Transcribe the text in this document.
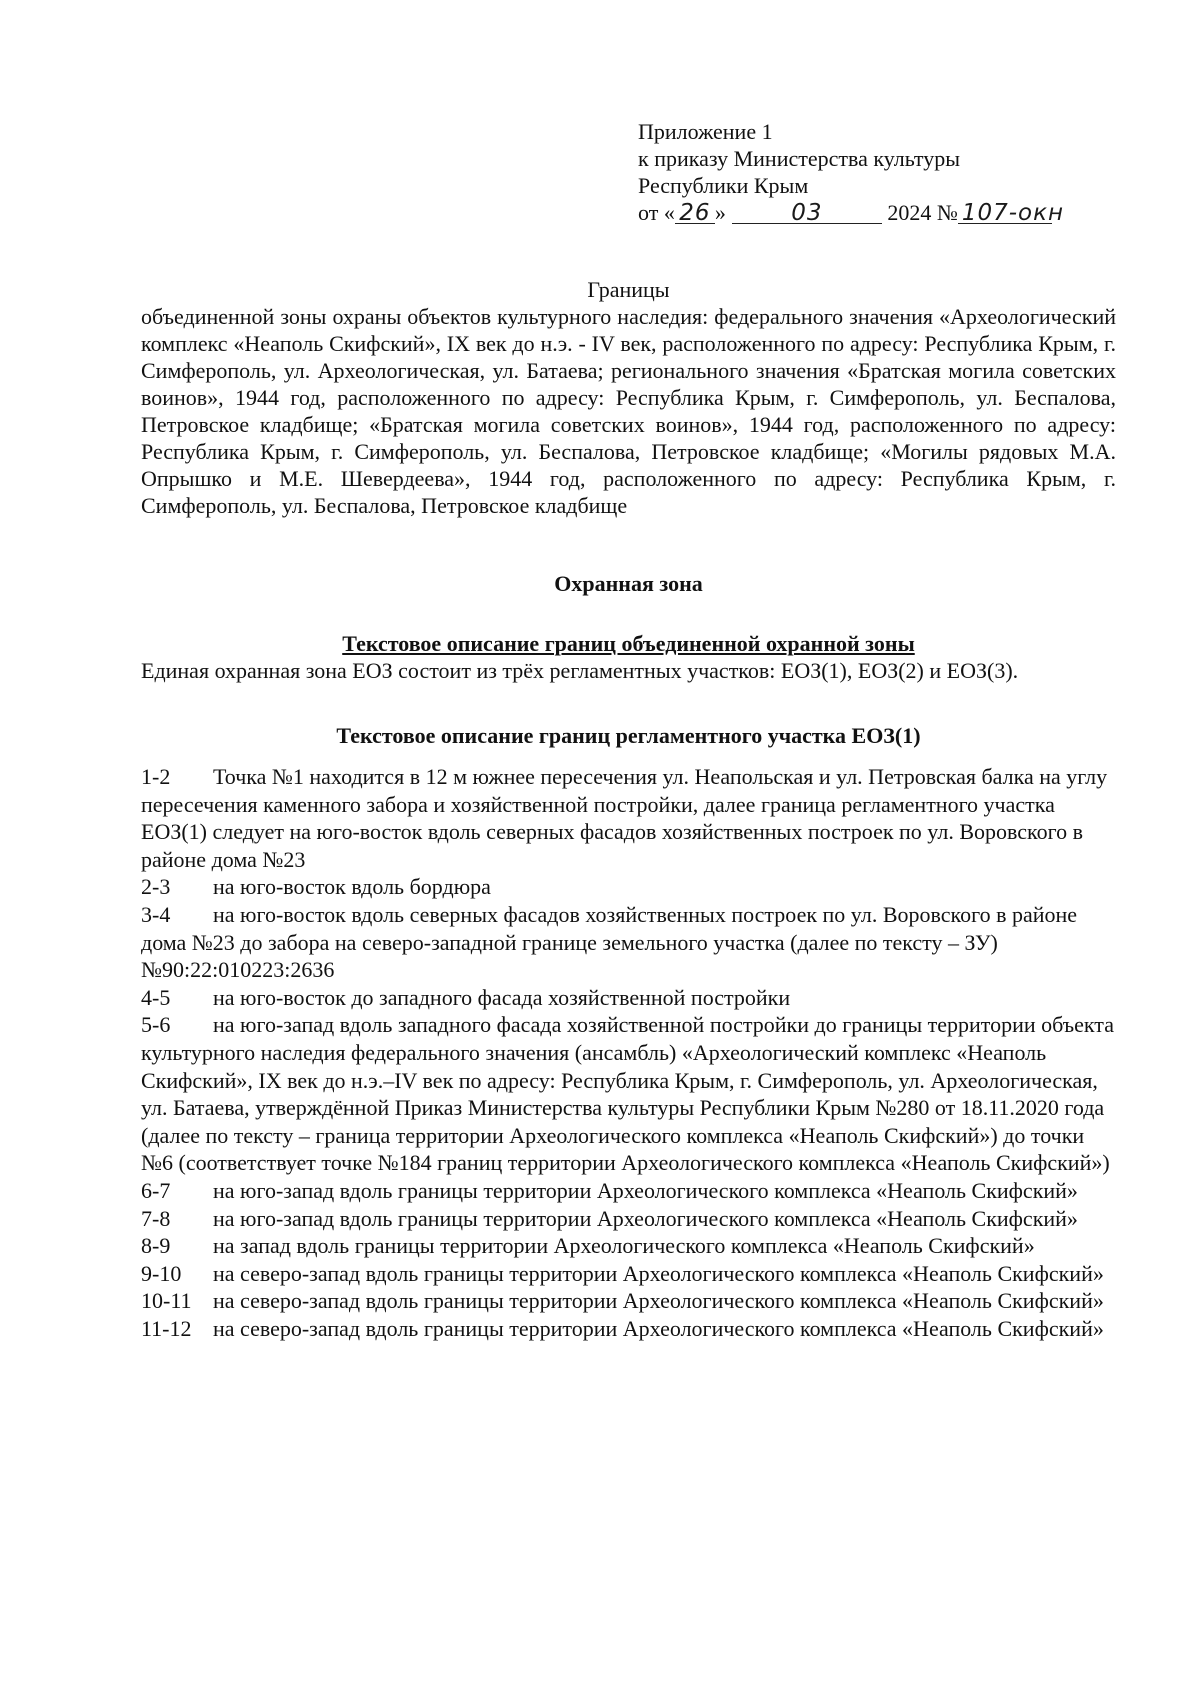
Приложение 1
к приказу Министерства культуры
Республики Крым
от « 26 »	03	2024 № 107-окн
Границы
объединенной зоны охраны объектов культурного наследия: федерального значения «Археологический комплекс «Неаполь Скифский», IX век до н.э. - IV век, расположенного по адресу: Республика Крым, г. Симферополь, ул. Археологическая, ул. Батаева; регионального значения «Братская могила советских воинов», 1944 год, расположенного по адресу: Республика Крым, г. Симферополь, ул. Беспалова, Петровское кладбище; «Братская могила советских воинов», 1944 год, расположенного по адресу: Республика Крым, г. Симферополь, ул. Беспалова, Петровское кладбище; «Могилы рядовых М.А. Опрышко и М.Е. Шевердеева», 1944 год, расположенного по адресу: Республика Крым, г. Симферополь, ул. Беспалова, Петровское кладбище
Охранная зона
Текстовое описание границ объединенной охранной зоны
Единая охранная зона ЕОЗ состоит из трёх регламентных участков: ЕОЗ(1), ЕОЗ(2) и ЕОЗ(3).
Текстовое описание границ регламентного участка ЕОЗ(1)
1-2 Точка №1 находится в 12 м южнее пересечения ул. Неапольская и ул. Петровская балка на углу пересечения каменного забора и хозяйственной постройки, далее граница регламентного участка ЕОЗ(1) следует на юго-восток вдоль северных фасадов хозяйственных построек по ул. Воровского в районе дома №23
2-3 на юго-восток вдоль бордюра
3-4 на юго-восток вдоль северных фасадов хозяйственных построек по ул. Воровского в районе дома №23 до забора на северо-западной границе земельного участка (далее по тексту – ЗУ) №90:22:010223:2636
4-5 на юго-восток до западного фасада хозяйственной постройки
5-6 на юго-запад вдоль западного фасада хозяйственной постройки до границы территории объекта культурного наследия федерального значения (ансамбль) «Археологический комплекс «Неаполь Скифский», IX век до н.э.–IV век по адресу: Республика Крым, г. Симферополь, ул. Археологическая, ул. Батаева, утверждённой Приказ Министерства культуры Республики Крым №280 от 18.11.2020 года (далее по тексту – граница территории Археологического комплекса «Неаполь Скифский») до точки №6 (соответствует точке №184 границ территории Археологического комплекса «Неаполь Скифский»)
6-7 на юго-запад вдоль границы территории Археологического комплекса «Неаполь Скифский»
7-8 на юго-запад вдоль границы территории Археологического комплекса «Неаполь Скифский»
8-9 на запад вдоль границы территории Археологического комплекса «Неаполь Скифский»
9-10 на северо-запад вдоль границы территории Археологического комплекса «Неаполь Скифский»
10-11 на северо-запад вдоль границы территории Археологического комплекса «Неаполь Скифский»
11-12 на северо-запад вдоль границы территории Археологического комплекса «Неаполь Скифский»
